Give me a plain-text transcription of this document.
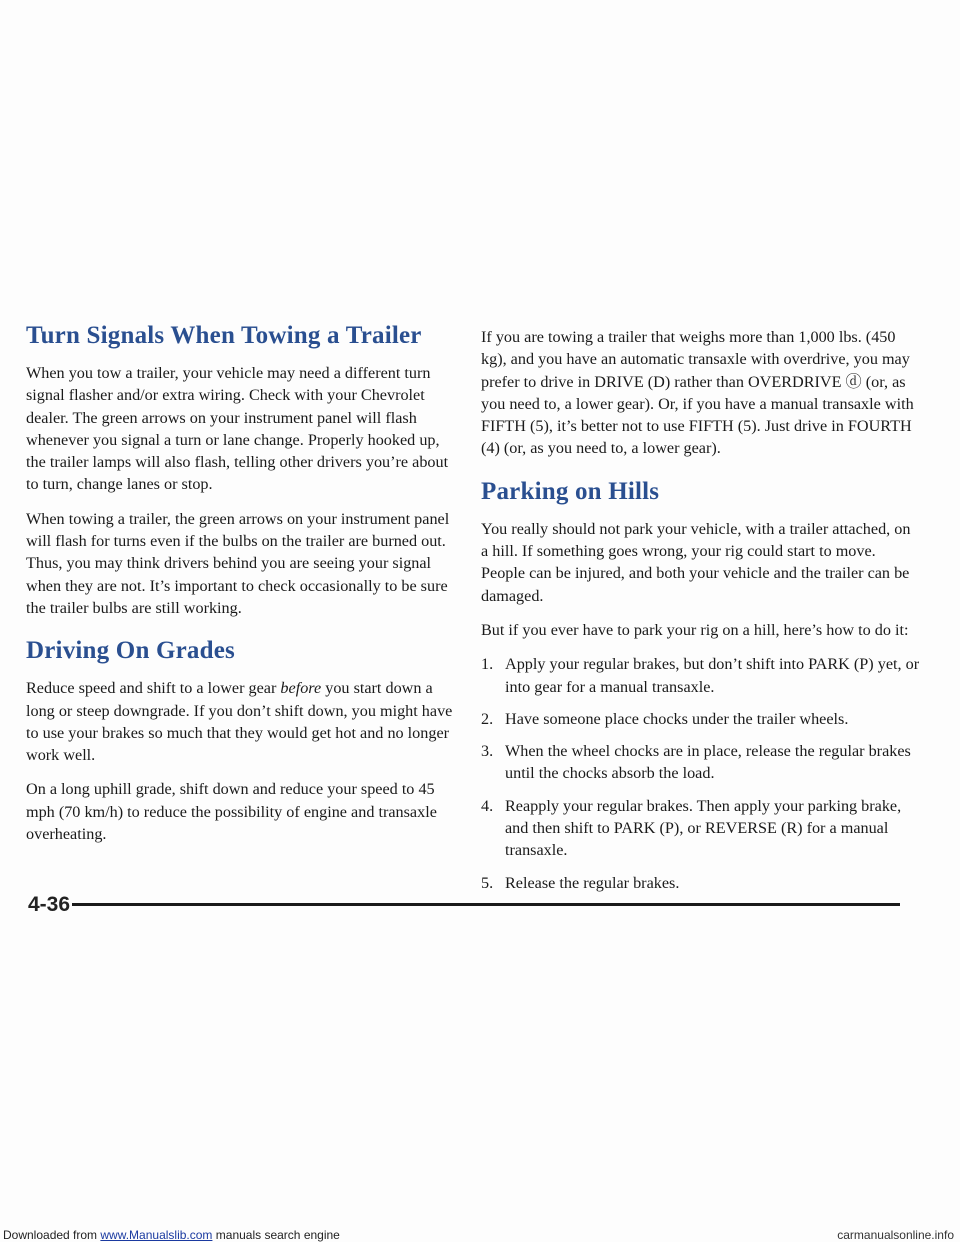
Turn Signals When Towing a Trailer

When you tow a trailer, your vehicle may need a different turn signal flasher and/or extra wiring. Check with your Chevrolet dealer. The green arrows on your instrument panel will flash whenever you signal a turn or lane change. Properly hooked up, the trailer lamps will also flash, telling other drivers you’re about to turn, change lanes or stop.

When towing a trailer, the green arrows on your instrument panel will flash for turns even if the bulbs on the trailer are burned out. Thus, you may think drivers behind you are seeing your signal when they are not. It’s important to check occasionally to be sure the trailer bulbs are still working.

Driving On Grades

Reduce speed and shift to a lower gear before you start down a long or steep downgrade. If you don’t shift down, you might have to use your brakes so much that they would get hot and no longer work well.

On a long uphill grade, shift down and reduce your speed to 45 mph (70 km/h) to reduce the possibility of engine and transaxle overheating.

If you are towing a trailer that weighs more than 1,000 lbs. (450 kg), and you have an automatic transaxle with overdrive, you may prefer to drive in DRIVE (D) rather than OVERDRIVE ⓓ (or, as you need to, a lower gear). Or, if you have a manual transaxle with FIFTH (5), it’s better not to use FIFTH (5). Just drive in FOURTH (4) (or, as you need to, a lower gear).

Parking on Hills

You really should not park your vehicle, with a trailer attached, on a hill. If something goes wrong, your rig could start to move. People can be injured, and both your vehicle and the trailer can be damaged.

But if you ever have to park your rig on a hill, here’s how to do it:

1. Apply your regular brakes, but don’t shift into PARK (P) yet, or into gear for a manual transaxle.
2. Have someone place chocks under the trailer wheels.
3. When the wheel chocks are in place, release the regular brakes until the chocks absorb the load.
4. Reapply your regular brakes. Then apply your parking brake, and then shift to PARK (P), or REVERSE (R) for a manual transaxle.
5. Release the regular brakes.
4-36
Downloaded from www.Manualslib.com manuals search engine	carmanualsonline.info
